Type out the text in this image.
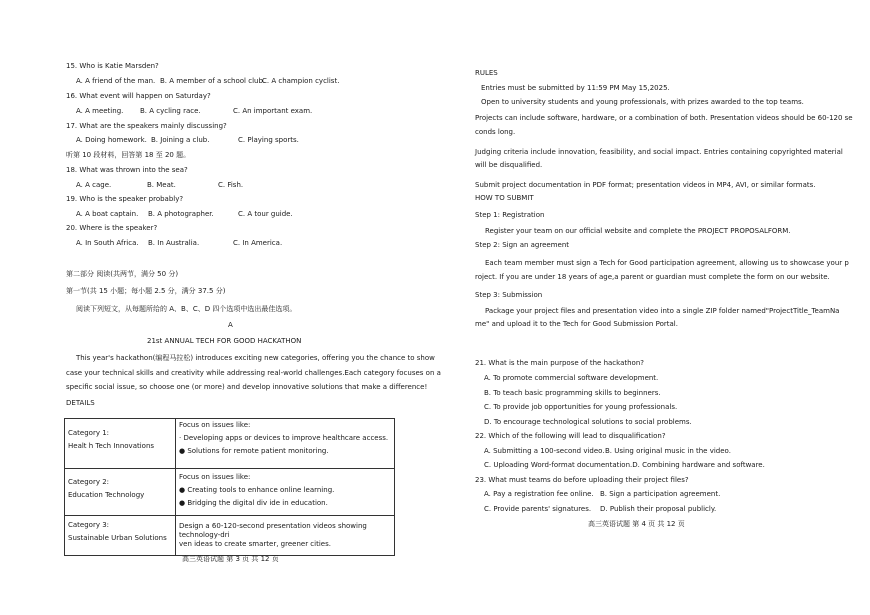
15. Who is Katie Marsden?
A. A friend of the man. B. A member of a school club.
C. A champion cyclist.
16. What event will happen on Saturday?
A. A meeting. B. A cycling race.	C. An important exam.
17. What are the speakers mainly discussing?
A. Doing homework. B. Joining a club.	C. Playing sports.
听第 10 段材料，回答第 18 至 20 题。
18. What was thrown into the sea?
A. A cage.	B. Meat.	C. Fish.
19. Who is the speaker probably?
A. A boat captain. B. A photographer.	C. A tour guide.
20. Where is the speaker?
A. In South Africa. B. In Australia.	C. In America.
第二部分 阅读(共两节，满分 50 分)
第一节(共 15 小题；每小题 2.5 分，满分 37.5 分)
阅读下列短文，从每题所给的 A、B、C、D 四个选项中选出最佳选项。
A
21st ANNUAL TECH FOR GOOD HACKATHON
This year's hackathon(编程马拉松) introduces exciting new categories, offering you the chance to show
case your technical skills and creativity while addressing real-world challenges.Each category focuses on a
specific social issue, so choose one (or more) and develop innovative solutions that make a difference!
DETAILS
Category 1:
Healt h Tech Innovations	Focus on issues like:
· Developing apps or devices to improve healthcare access.
● Solutions for remote patient monitoring.

Category 2:
Education Technology	Focus on issues like:
● Creating tools to enhance online learning.
● Bridging the digital div ide in education.

Category 3:
Sustainable Urban Solutions	Design a 60-120-second presentation videos showing technology-dri
ven ideas to create smarter, greener cities.
高三英语试题 第 3 页 共 12 页
RULES
Entries must be submitted by 11:59 PM May 15,2025.
Open to university students and young professionals, with prizes awarded to the top teams.
Projects can include software, hardware, or a combination of both. Presentation videos should be 60-120 se
conds long.
Judging criteria include innovation, feasibility, and social impact. Entries containing copyrighted material
will be disqualified.
Submit project documentation in PDF format; presentation videos in MP4, AVI, or similar formats.
HOW TO SUBMIT
Step 1: Registration
Register your team on our official website and complete the PROJECT PROPOSALFORM.
Step 2: Sign an agreement
Each team member must sign a Tech for Good participation agreement, allowing us to showcase your p
roject. If you are under 18 years of age,a parent or guardian must complete the form on our website.
Step 3: Submission
Package your project files and presentation video into a single ZIP folder named"ProjectTitle_TeamNa
me" and upload it to the Tech for Good Submission Portal.
21. What is the main purpose of the hackathon?
A. To promote commercial software development.
B. To teach basic programming skills to beginners.
C. To provide job opportunities for young professionals.
D. To encourage technological solutions to social problems.
22. Which of the following will lead to disqualification?
A. Submitting a 100-second video. B. Using original music in the video.
C. Uploading Word-format documentation.D. Combining hardware and software.
23. What must teams do before uploading their project files?
A. Pay a registration fee online. B. Sign a participation agreement.
C. Provide parents' signatures. D. Publish their proposal publicly.
高三英语试题 第 4 页 共 12 页
